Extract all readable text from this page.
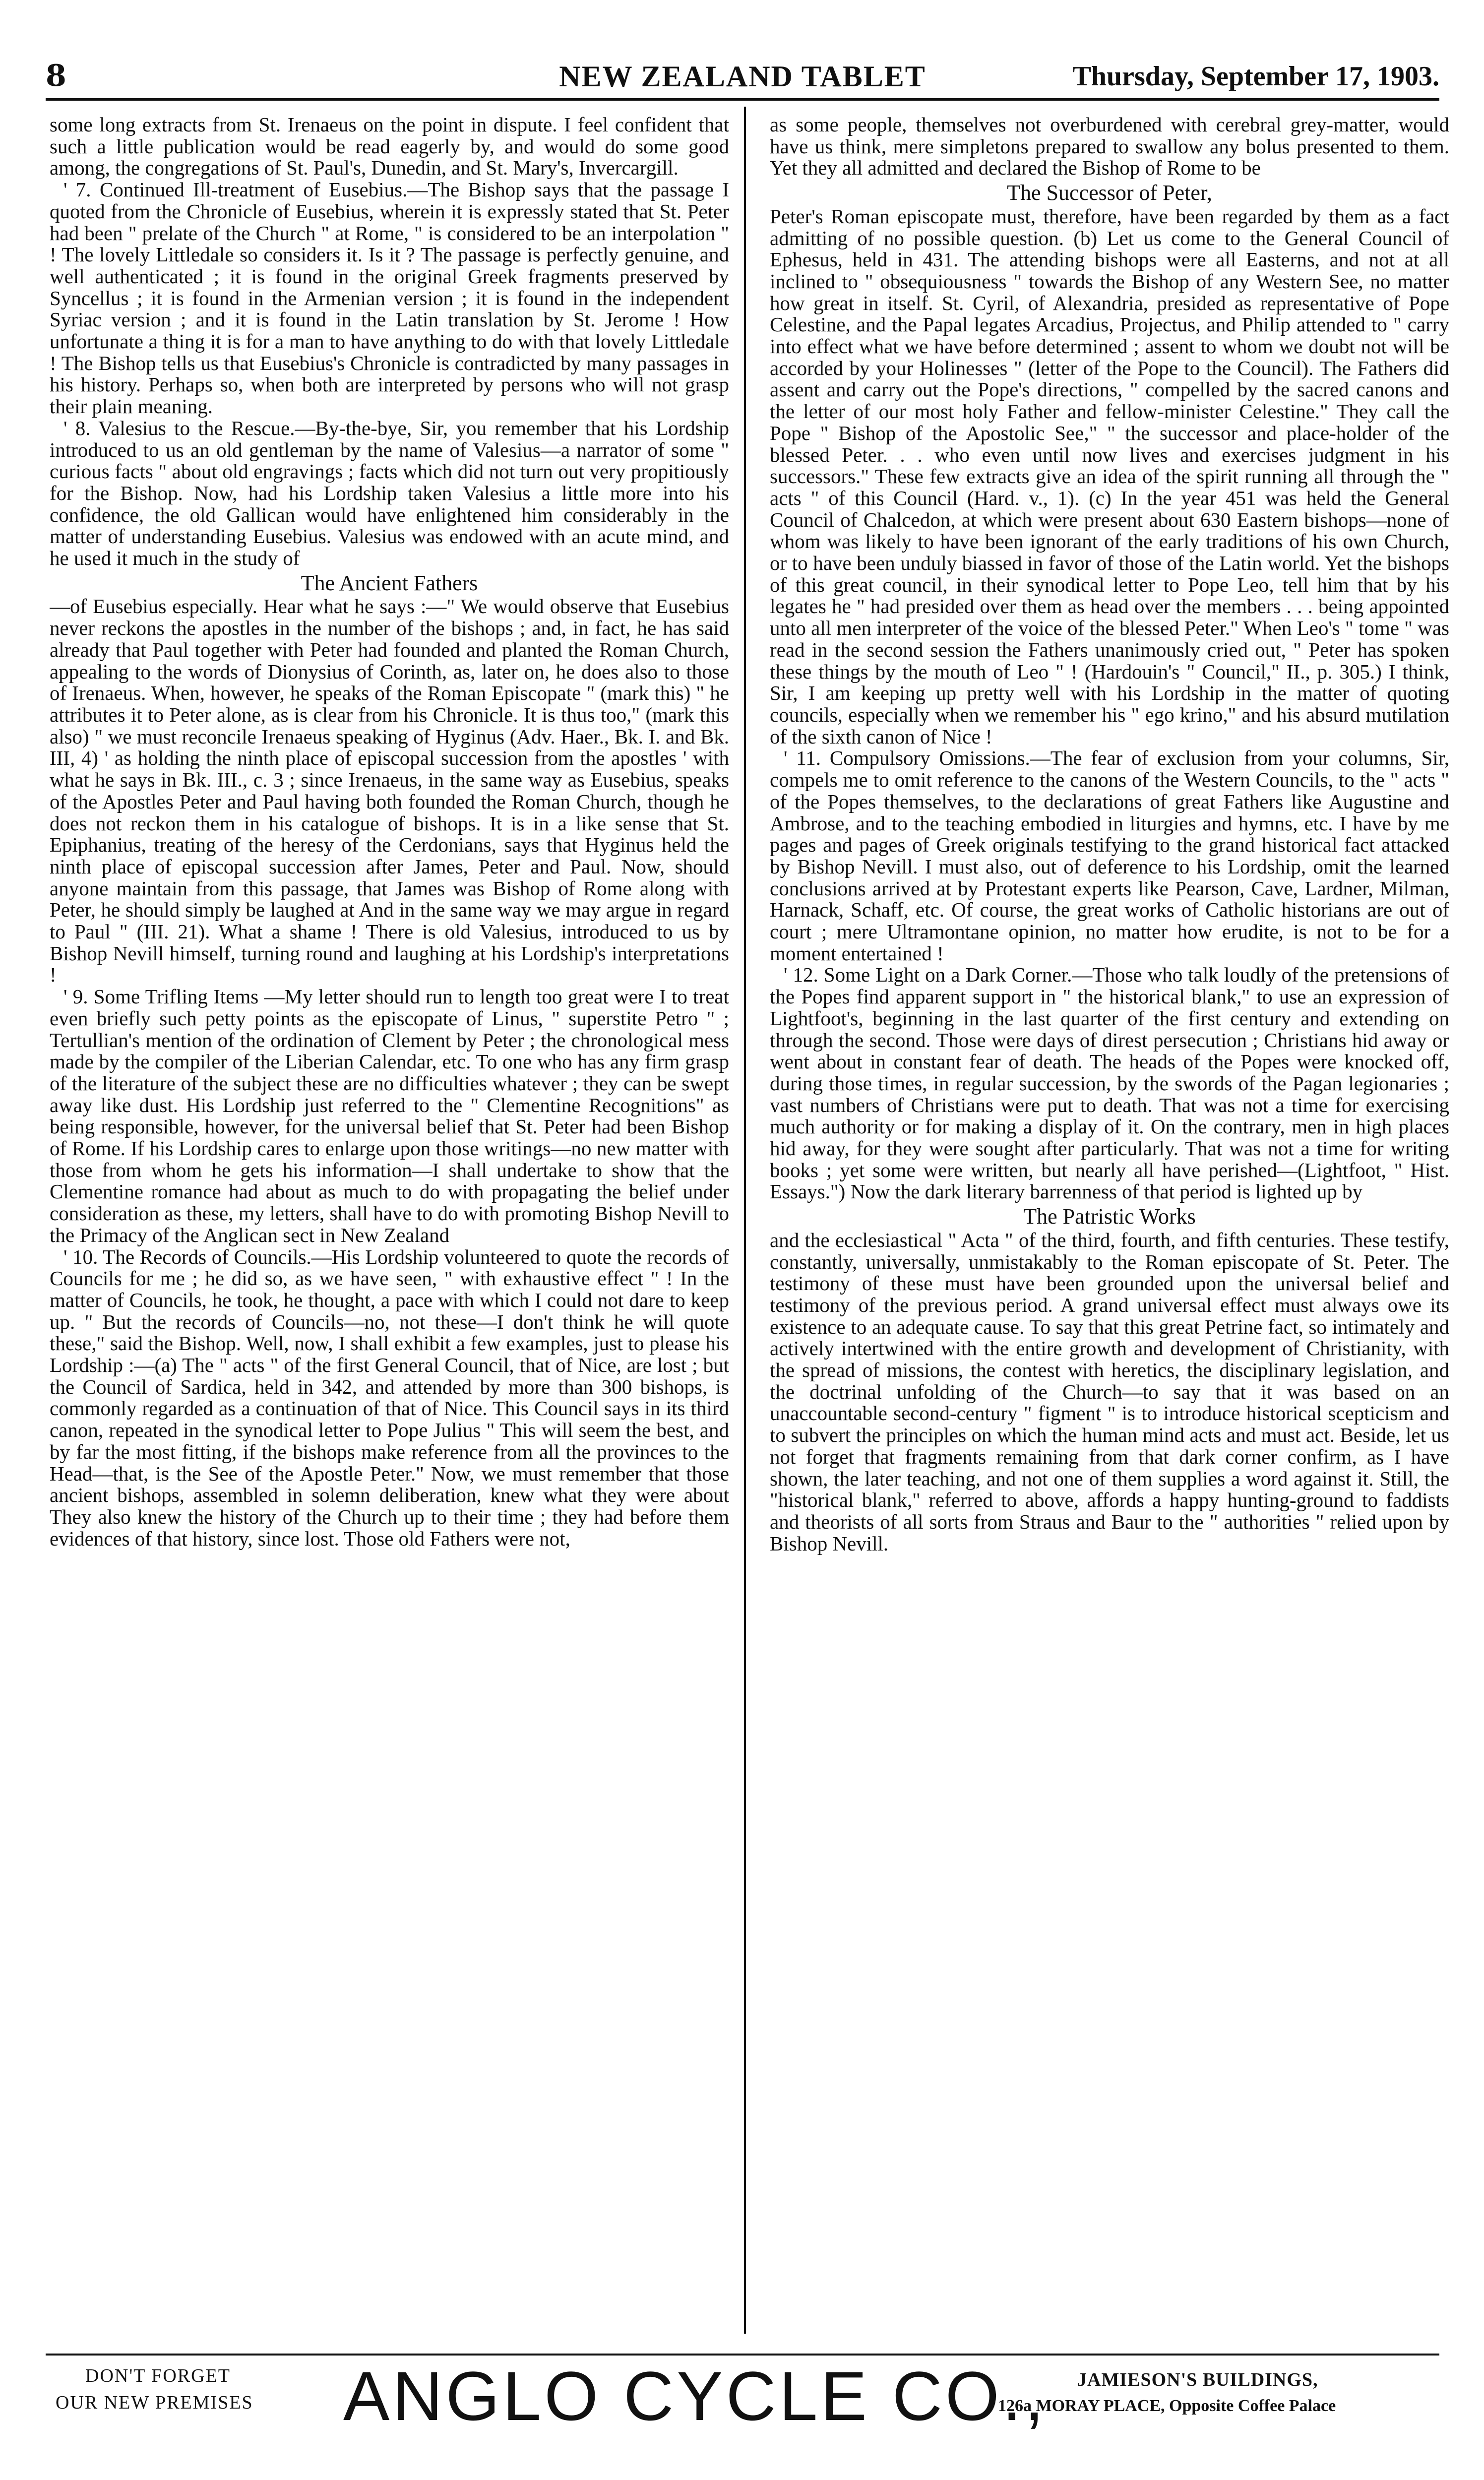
8	NEW ZEALAND TABLET	Thursday, September 17, 1903.

some long extracts from St. Irenaeus on the point in dispute. I feel confident that such a little publication would be read eagerly by, and would do some good among, the congregations of St. Paul's, Dunedin, and St. Mary's, Invercargill.

' 7. Continued Ill-treatment of Eusebius.—The Bishop says that the passage I quoted from the Chronicle of Eusebius, wherein it is expressly stated that St. Peter had been " prelate of the Church " at Rome, " is considered to be an interpolation " ! The lovely Littledale so considers it. Is it ? The passage is perfectly genuine, and well authenticated ; it is found in the original Greek fragments preserved by Syncellus ; it is found in the Armenian version ; it is found in the independent Syriac version ; and it is found in the Latin translation by St. Jerome ! How unfortunate a thing it is for a man to have anything to do with that lovely Littledale ! The Bishop tells us that Eusebius's Chronicle is contradicted by many passages in his history. Perhaps so, when both are interpreted by persons who will not grasp their plain meaning.

' 8. Valesius to the Rescue.—By-the-bye, Sir, you remember that his Lordship introduced to us an old gentleman by the name of Valesius—a narrator of some " curious facts " about old engravings ; facts which did not turn out very propitiously for the Bishop. Now, had his Lordship taken Valesius a little more into his confidence, the old Gallican would have enlightened him considerably in the matter of understanding Eusebius. Valesius was endowed with an acute mind, and he used it much in the study of

The Ancient Fathers

—of Eusebius especially. Hear what he says :—" We would observe that Eusebius never reckons the apostles in the number of the bishops ; and, in fact, he has said already that Paul together with Peter had founded and planted the Roman Church, appealing to the words of Dionysius of Corinth, as, later on, he does also to those of Irenaeus. When, however, he speaks of the Roman Episcopate " (mark this) " he attributes it to Peter alone, as is clear from his Chronicle. It is thus too," (mark this also) " we must reconcile Irenaeus speaking of Hyginus (Adv. Haer., Bk. I. and Bk. III, 4) ' as holding the ninth place of episcopal succession from the apostles ' with what he says in Bk. III., c. 3 ; since Irenaeus, in the same way as Eusebius, speaks of the Apostles Peter and Paul having both founded the Roman Church, though he does not reckon them in his catalogue of bishops. It is in a like sense that St. Epiphanius, treating of the heresy of the Cerdonians, says that Hyginus held the ninth place of episcopal succession after James, Peter and Paul. Now, should anyone maintain from this passage, that James was Bishop of Rome along with Peter, he should simply be laughed at And in the same way we may argue in regard to Paul " (III. 21). What a shame ! There is old Valesius, introduced to us by Bishop Nevill himself, turning round and laughing at his Lordship's interpretations !

' 9. Some Trifling Items —My letter should run to length too great were I to treat even briefly such petty points as the episcopate of Linus, " superstite Petro " ; Tertullian's mention of the ordination of Clement by Peter ; the chronological mess made by the compiler of the Liberian Calendar, etc. To one who has any firm grasp of the literature of the subject these are no difficulties whatever ; they can be swept away like dust. His Lordship just referred to the " Clementine Recognitions" as being responsible, however, for the universal belief that St. Peter had been Bishop of Rome. If his Lordship cares to enlarge upon those writings—no new matter with those from whom he gets his information—I shall undertake to show that the Clementine romance had about as much to do with propagating the belief under consideration as these, my letters, shall have to do with promoting Bishop Nevill to the Primacy of the Anglican sect in New Zealand

' 10. The Records of Councils.—His Lordship volunteered to quote the records of Councils for me ; he did so, as we have seen, " with exhaustive effect " ! In the matter of Councils, he took, he thought, a pace with which I could not dare to keep up. " But the records of Councils—no, not these—I don't think he will quote these," said the Bishop. Well, now, I shall exhibit a few examples, just to please his Lordship :—(a) The " acts " of the first General Council, that of Nice, are lost ; but the Council of Sardica, held in 342, and attended by more than 300 bishops, is commonly regarded as a continuation of that of Nice. This Council says in its third canon, repeated in the synodical letter to Pope Julius " This will seem the best, and by far the most fitting, if the bishops make reference from all the provinces to the Head—that, is the See of the Apostle Peter." Now, we must remember that those ancient bishops, assembled in solemn deliberation, knew what they were about They also knew the history of the Church up to their time ; they had before them evidences of that history, since lost. Those old Fathers were not,

as some people, themselves not overburdened with cerebral grey-matter, would have us think, mere simpletons prepared to swallow any bolus presented to them. Yet they all admitted and declared the Bishop of Rome to be

The Successor of Peter,

Peter's Roman episcopate must, therefore, have been regarded by them as a fact admitting of no possible question. (b) Let us come to the General Council of Ephesus, held in 431. The attending bishops were all Easterns, and not at all inclined to " obsequiousness " towards the Bishop of any Western See, no matter how great in itself. St. Cyril, of Alexandria, presided as representative of Pope Celestine, and the Papal legates Arcadius, Projectus, and Philip attended to " carry into effect what we have before determined ; assent to whom we doubt not will be accorded by your Holinesses " (letter of the Pope to the Council). The Fathers did assent and carry out the Pope's directions, " compelled by the sacred canons and the letter of our most holy Father and fellow-minister Celestine." They call the Pope " Bishop of the Apostolic See," " the successor and place-holder of the blessed Peter. . . who even until now lives and exercises judgment in his successors." These few extracts give an idea of the spirit running all through the " acts " of this Council (Hard. v., 1). (c) In the year 451 was held the General Council of Chalcedon, at which were present about 630 Eastern bishops—none of whom was likely to have been ignorant of the early traditions of his own Church, or to have been unduly biassed in favor of those of the Latin world. Yet the bishops of this great council, in their synodical letter to Pope Leo, tell him that by his legates he " had presided over them as head over the members . . . being appointed unto all men interpreter of the voice of the blessed Peter." When Leo's " tome " was read in the second session the Fathers unanimously cried out, " Peter has spoken these things by the mouth of Leo " ! (Hardouin's " Council," II., p. 305.) I think, Sir, I am keeping up pretty well with his Lordship in the matter of quoting councils, especially when we remember his " ego krino," and his absurd mutilation of the sixth canon of Nice !

' 11. Compulsory Omissions.—The fear of exclusion from your columns, Sir, compels me to omit reference to the canons of the Western Councils, to the " acts " of the Popes themselves, to the declarations of great Fathers like Augustine and Ambrose, and to the teaching embodied in liturgies and hymns, etc. I have by me pages and pages of Greek originals testifying to the grand historical fact attacked by Bishop Nevill. I must also, out of deference to his Lordship, omit the learned conclusions arrived at by Protestant experts like Pearson, Cave, Lardner, Milman, Harnack, Schaff, etc. Of course, the great works of Catholic historians are out of court ; mere Ultramontane opinion, no matter how erudite, is not to be for a moment entertained !

' 12. Some Light on a Dark Corner.—Those who talk loudly of the pretensions of the Popes find apparent support in " the historical blank," to use an expression of Lightfoot's, beginning in the last quarter of the first century and extending on through the second. Those were days of direst persecution ; Christians hid away or went about in constant fear of death. The heads of the Popes were knocked off, during those times, in regular succession, by the swords of the Pagan legionaries ; vast numbers of Christians were put to death. That was not a time for exercising much authority or for making a display of it. On the contrary, men in high places hid away, for they were sought after particularly. That was not a time for writing books ; yet some were written, but nearly all have perished—(Lightfoot, " Hist. Essays.") Now the dark literary barrenness of that period is lighted up by

The Patristic Works

and the ecclesiastical " Acta " of the third, fourth, and fifth centuries. These testify, constantly, universally, unmistakably to the Roman episcopate of St. Peter. The testimony of these must have been grounded upon the universal belief and testimony of the previous period. A grand universal effect must always owe its existence to an adequate cause. To say that this great Petrine fact, so intimately and actively intertwined with the entire growth and development of Christianity, with the spread of missions, the contest with heretics, the disciplinary legislation, and the doctrinal unfolding of the Church—to say that it was based on an unaccountable second-century " figment " is to introduce historical scepticism and to subvert the principles on which the human mind acts and must act. Beside, let us not forget that fragments remaining from that dark corner confirm, as I have shown, the later teaching, and not one of them supplies a word against it. Still, the "historical blank," referred to above, affords a happy hunting-ground to faddists and theorists of all sorts from Straus and Baur to the " authorities " relied upon by Bishop Nevill.

DON'T FORGET
OUR NEW PREMISES ANGLO CYCLE CO., JAMIESON'S BUILDINGS,
126a MORAY PLACE, Opposite Coffee Palace
